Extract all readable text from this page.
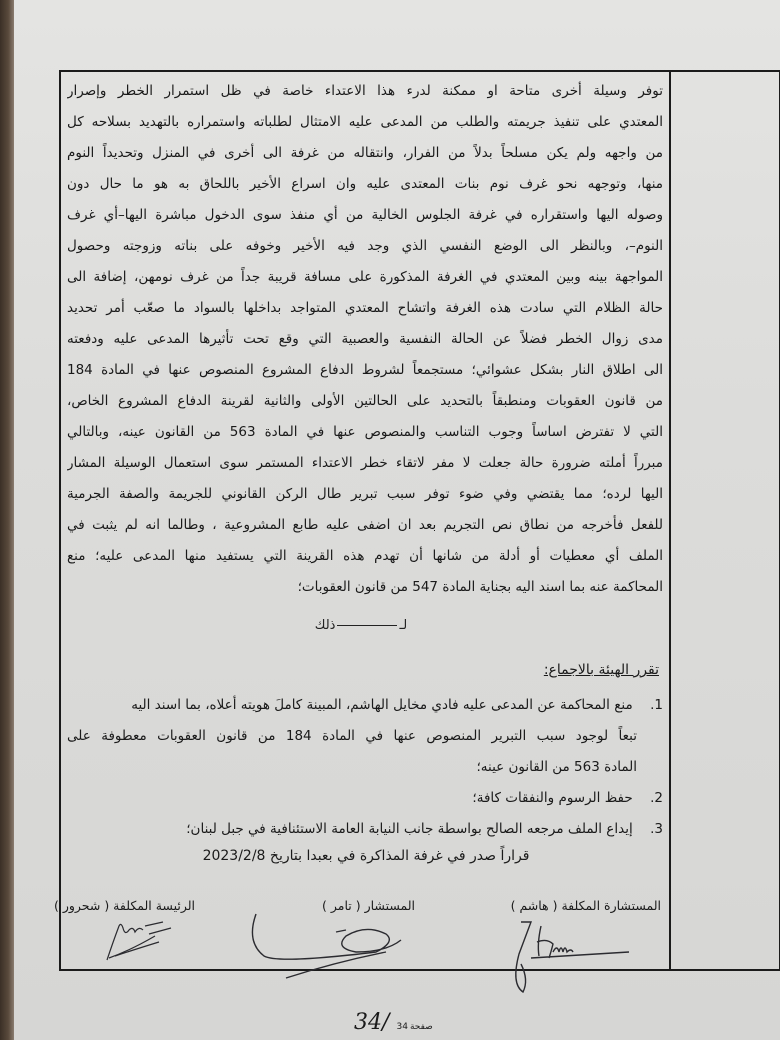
توفر وسيلة أخرى متاحة او ممكنة لدرء هذا الاعتداء خاصة في ظل استمرار الخطر وإصرار
المعتدي على تنفيذ جريمته والطلب من المدعى عليه الامتثال لطلباته واستمراره بالتهديد بسلاحه كل
من واجهه ولم يكن مسلحاً بدلاً من الفرار، وانتقاله من غرفة الى أخرى في المنزل وتحديداً النوم
منها، وتوجهه نحو غرف نوم بنات المعتدى عليه وان اسراع الأخير باللحاق به هو ما حال دون
وصوله اليها واستقراره في غرفة الجلوس الخالية من أي منفذ سوى الدخول مباشرة اليها–أي غرف
النوم–، وبالنظر الى الوضع النفسي الذي وجد فيه الأخير وخوفه على بناته وزوجته وحصول
المواجهة بينه وبين المعتدي في الغرفة المذكورة على مسافة قريبة جداً من غرف نومهن، إضافة الى
حالة الظلام التي سادت هذه الغرفة واتشاح المعتدي المتواجد بداخلها بالسواد ما صعّب أمر تحديد
مدى زوال الخطر فضلاً عن الحالة النفسية والعصبية التي وقع تحت تأثيرها المدعى عليه ودفعته
الى اطلاق النار بشكل عشوائي؛ مستجمعاً لشروط الدفاع المشروع المنصوص عنها في المادة 184
من قانون العقوبات ومنطبقاً بالتحديد على الحالتين الأولى والثانية لقرينة الدفاع المشروع الخاص،
التي لا تفترض اساساً وجوب التناسب والمنصوص عنها في المادة 563 من القانون عينه، وبالتالي
مبرراً أملته ضرورة حالة جعلت لا مفر لاتقاء خطر الاعتداء المستمر سوى استعمال الوسيلة المشار
اليها لرده؛ مما يقتضي وفي ضوء توفر سبب تبرير طال الركن القانوني للجريمة والصفة الجرمية
للفعل فأخرجه من نطاق نص التجريم بعد ان اضفى عليه طابع المشروعية ، وطالما انه لم يثبت في
الملف أي معطيات أو أدلة من شانها أن تهدم هذه القرينة التي يستفيد منها المدعى عليه؛ منع
المحاكمة عنه بما اسند اليه بجناية المادة 547 من قانون العقوبات؛
لـذلك
تقرر الهيئة بالاجماع:
1. منع المحاكمة عن المدعى عليه فادي مخايل الهاشم، المبينة كاملَ هويته أعلاه، بما اسند اليه
تبعاً لوجود سبب التبرير المنصوص عنها في المادة 184 من قانون العقوبات معطوفة على
المادة 563 من القانون عينه؛
2. حفظ الرسوم والنفقات كافة؛
3. إيداع الملف مرجعه الصالح بواسطة جانب النيابة العامة الاستئنافية في جبل لبنان؛
قراراً صدر في غرفة المذاكرة في بعبدا بتاريخ 2023/2/8
المستشارة المكلفة ( هاشم )
المستشار ( تامر )
الرئيسة المكلفة ( شحرور )
34/ 34 صفحة
